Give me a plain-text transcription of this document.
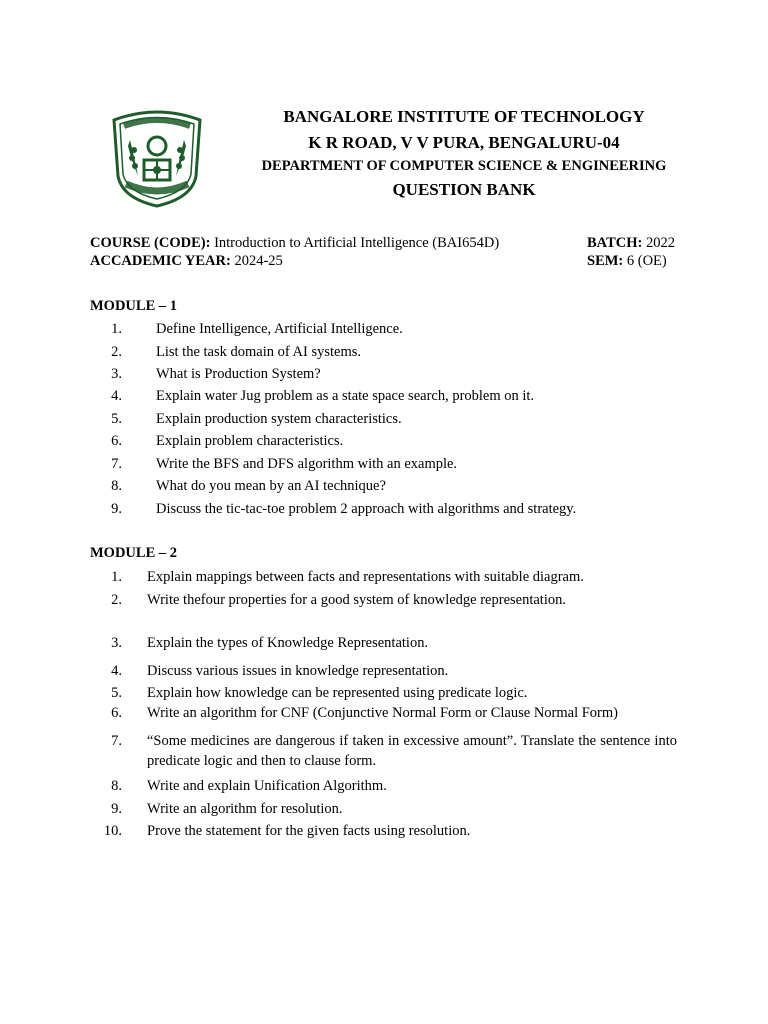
BANGALORE INSTITUTE OF TECHNOLOGY
K R ROAD, V V PURA, BENGALURU-04
DEPARTMENT OF COMPUTER SCIENCE & ENGINEERING
QUESTION BANK
COURSE (CODE): Introduction to Artificial Intelligence (BAI654D)	BATCH: 2022
ACCADEMIC YEAR: 2024-25	SEM: 6 (OE)
MODULE – 1
1. Define Intelligence, Artificial Intelligence.
2. List the task domain of AI systems.
3. What is Production System?
4. Explain water Jug problem as a state space search, problem on it.
5. Explain production system characteristics.
6. Explain problem characteristics.
7. Write the BFS and DFS algorithm with an example.
8. What do you mean by an AI technique?
9. Discuss the tic-tac-toe problem 2 approach with algorithms and strategy.
MODULE – 2
1. Explain mappings between facts and representations with suitable diagram.
2. Write thefour properties for a good system of knowledge representation.
3. Explain the types of Knowledge Representation.
4. Discuss various issues in knowledge representation.
5. Explain how knowledge can be represented using predicate logic.
6. Write an algorithm for CNF (Conjunctive Normal Form or Clause Normal Form)
7. “Some medicines are dangerous if taken in excessive amount”. Translate the sentence into predicate logic and then to clause form.
8. Write and explain Unification Algorithm.
9. Write an algorithm for resolution.
10. Prove the statement for the given facts using resolution.
